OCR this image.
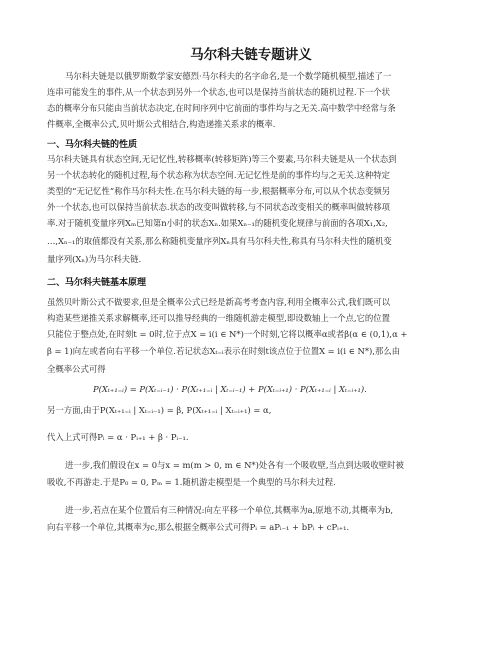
马尔科夫链专题讲义
马尔科夫链是以俄罗斯数学家安德烈·马尔科夫的名字命名,是一个数学随机模型,描述了一
连串可能发生的事件,从一个状态到另外一个状态,也可以是保持当前状态的随机过程.下一个状
态的概率分布只能由当前状态决定,在时间序列中它前面的事件均与之无关.高中数学中经常与条
件概率,全概率公式,贝叶斯公式相结合,构造递推关系求的概率.
一、马尔科夫链的性质
马尔科夫链具有状态空间,无记忆性,转移概率(转移矩阵)等三个要素,马尔科夫链是从一个状态到
另一个状态转化的随机过程,每个状态称为状态空间.无记忆性是前的事件均与之无关.这种特定
类型的“无记忆性”称作马尔科夫性.在马尔科夫链的每一步,根据概率分布,可以从个状态变频另
外一个状态,也可以保持当前状态.状态的改变叫做转移,与不同状态改变相关的概率叫做转移项
率.对于随机变量序列Xₘ已知第n小时的状态Xₙ.如果Xₙ₋₁的随机变化规律与前面的各项X₁,X₂,
…,Xₙ₋₁的取值都没有关系,那么称随机变量序列Xₙ具有马尔科夫性,称具有马尔科夫性的随机变
量序列(Xₙ)为马尔科夫链.
二、马尔科夫链基本原理
虽然贝叶斯公式不做要求,但是全概率公式已经是新高考考查内容,利用全概率公式,我们既可以
构造某些递推关系求解概率,还可以推导经典的一维随机游走模型,即设数轴上一个点,它的位置
只能位于整点处,在时刻t = 0时,位于点X = i(i ∈ N*)一个时刻,它将以概率α或者β(α ∈ (0,1),α +
β = 1)向左或者向右平移一个单位.若记状态Xₜ₌ᵢ表示在时刻t该点位于位置X = i(i ∈ N*),那么由
全概率公式可得
P(Xₜ₊₁₌ᵢ) = P(Xₜ₌ᵢ₋₁) · P(Xₜ₊₁₌ᵢ | Xₜ₌ᵢ₋₁) + P(Xₜ₌ᵢ₊₁) · P(Xₜ₊₁₌ᵢ | Xₜ₌ᵢ₊₁).
另一方面,由于P(Xₜ₊₁₌ᵢ | Xₜ₌ᵢ₋₁) = β, P(Xₜ₊₁₌ᵢ | Xₜ₌ᵢ₊₁) = α,
代入上式可得Pᵢ = α · Pᵢ₊₁ + β · Pᵢ₋₁.
进一步,我们假设在x = 0与x = m(m > 0, m ∈ N*)处各有一个吸收壁,当点到达吸收壁时被
吸收,不再游走.于是P₀ = 0, Pₘ = 1.随机游走模型是一个典型的马尔科夫过程.
进一步,若点在某个位置后有三种情况:向左平移一个单位,其概率为a,原地不动,其概率为b,
向右平移一个单位,其概率为c,那么根据全概率公式可得Pᵢ = aPᵢ₋₁ + bPᵢ + cPᵢ₊₁.
